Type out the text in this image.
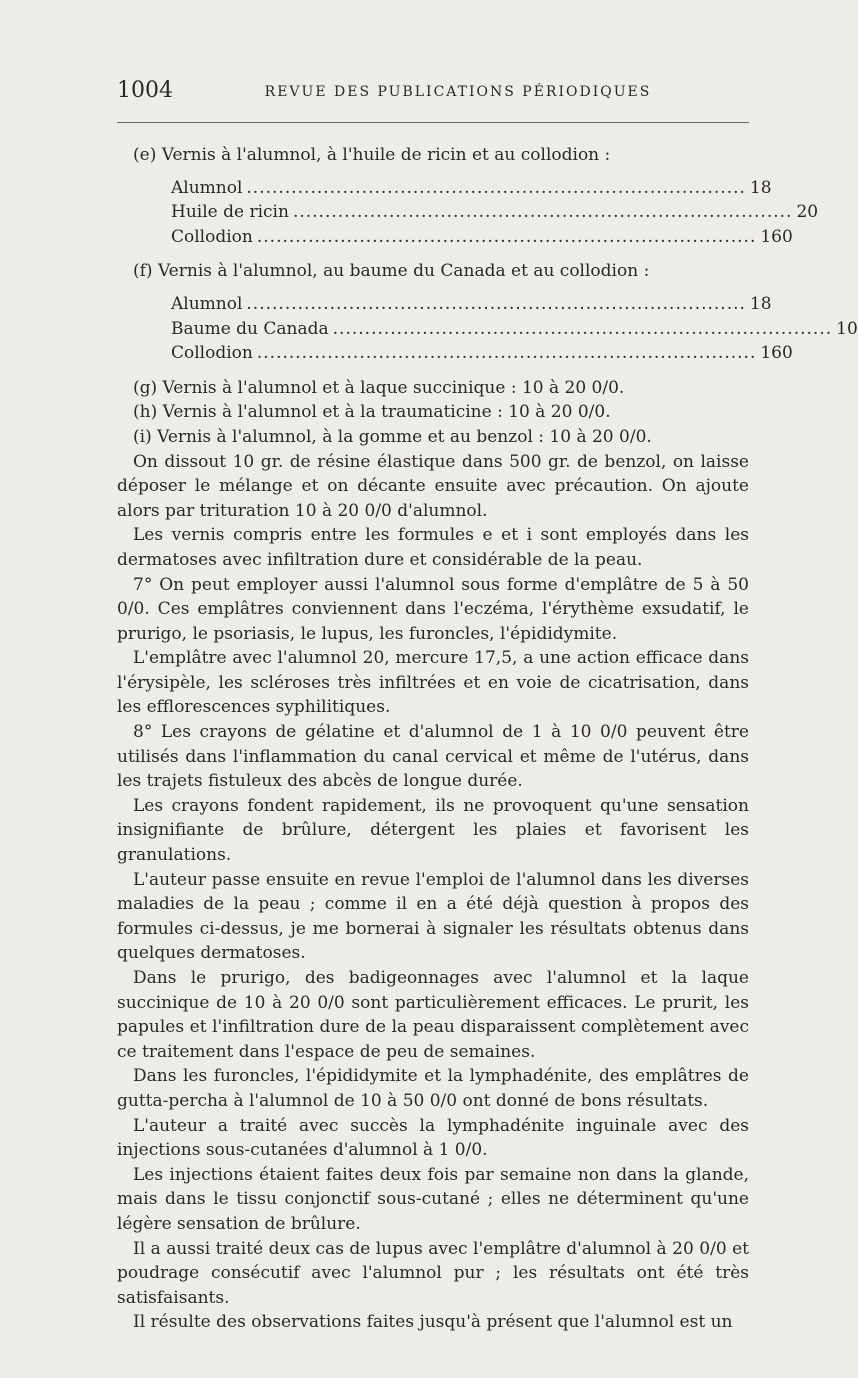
1004	REVUE DES PUBLICATIONS PÉRIODIQUES

(e) Vernis à l'alumnol, à l'huile de ricin et au collodion :

Alumnol .............................................................................. 18
Huile de ricin .............................................................................. 20
Collodion .............................................................................. 160

(f) Vernis à l'alumnol, au baume du Canada et au collodion :

Alumnol .............................................................................. 18
Baume du Canada .............................................................................. 10
Collodion .............................................................................. 160

(g) Vernis à l'alumnol et à laque succinique : 10 à 20 0/0.

(h) Vernis à l'alumnol et à la traumaticine : 10 à 20 0/0.

(i) Vernis à l'alumnol, à la gomme et au benzol : 10 à 20 0/0.

On dissout 10 gr. de résine élastique dans 500 gr. de benzol, on laisse déposer le mélange et on décante ensuite avec précaution. On ajoute alors par trituration 10 à 20 0/0 d'alumnol.

Les vernis compris entre les formules e et i sont employés dans les dermatoses avec infiltration dure et considérable de la peau.

7° On peut employer aussi l'alumnol sous forme d'emplâtre de 5 à 50 0/0. Ces emplâtres conviennent dans l'eczéma, l'érythème exsudatif, le prurigo, le psoriasis, le lupus, les furoncles, l'épididymite.

L'emplâtre avec l'alumnol 20, mercure 17,5, a une action efficace dans l'érysipèle, les scléroses très infiltrées et en voie de cicatrisation, dans les efflorescences syphilitiques.

8° Les crayons de gélatine et d'alumnol de 1 à 10 0/0 peuvent être utilisés dans l'inflammation du canal cervical et même de l'utérus, dans les trajets fistuleux des abcès de longue durée.

Les crayons fondent rapidement, ils ne provoquent qu'une sensation insignifiante de brûlure, détergent les plaies et favorisent les granulations.

L'auteur passe ensuite en revue l'emploi de l'alumnol dans les diverses maladies de la peau ; comme il en a été déjà question à propos des formules ci-dessus, je me bornerai à signaler les résultats obtenus dans quelques dermatoses.

Dans le prurigo, des badigeonnages avec l'alumnol et la laque succinique de 10 à 20 0/0 sont particulièrement efficaces. Le prurit, les papules et l'infiltration dure de la peau disparaissent complètement avec ce traitement dans l'espace de peu de semaines.

Dans les furoncles, l'épididymite et la lymphadénite, des emplâtres de gutta-percha à l'alumnol de 10 à 50 0/0 ont donné de bons résultats.

L'auteur a traité avec succès la lymphadénite inguinale avec des injections sous-cutanées d'alumnol à 1 0/0.

Les injections étaient faites deux fois par semaine non dans la glande, mais dans le tissu conjonctif sous-cutané ; elles ne déterminent qu'une légère sensation de brûlure.

Il a aussi traité deux cas de lupus avec l'emplâtre d'alumnol à 20 0/0 et poudrage consécutif avec l'alumnol pur ; les résultats ont été très satisfaisants.

Il résulte des observations faites jusqu'à présent que l'alumnol est un
